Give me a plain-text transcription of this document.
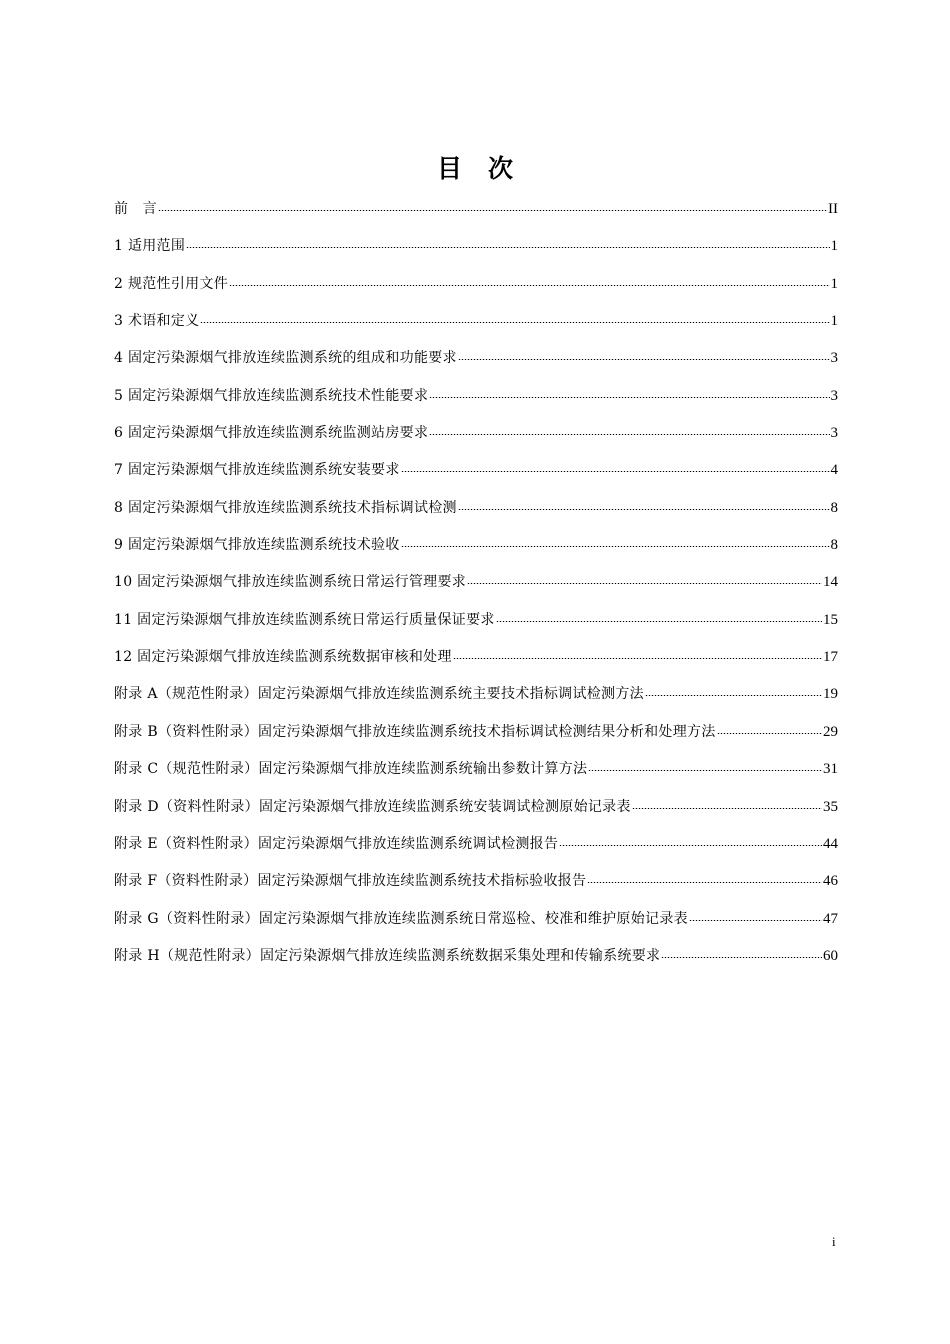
目次
前　言	II
1 适用范围	1
2 规范性引用文件	1
3 术语和定义	1
4 固定污染源烟气排放连续监测系统的组成和功能要求	3
5 固定污染源烟气排放连续监测系统技术性能要求	3
6 固定污染源烟气排放连续监测系统监测站房要求	3
7 固定污染源烟气排放连续监测系统安装要求	4
8 固定污染源烟气排放连续监测系统技术指标调试检测	8
9 固定污染源烟气排放连续监测系统技术验收	8
10 固定污染源烟气排放连续监测系统日常运行管理要求	14
11 固定污染源烟气排放连续监测系统日常运行质量保证要求	15
12 固定污染源烟气排放连续监测系统数据审核和处理	17
附录 A（规范性附录）固定污染源烟气排放连续监测系统主要技术指标调试检测方法	19
附录 B（资料性附录）固定污染源烟气排放连续监测系统技术指标调试检测结果分析和处理方法	29
附录 C（规范性附录）固定污染源烟气排放连续监测系统输出参数计算方法	31
附录 D（资料性附录）固定污染源烟气排放连续监测系统安装调试检测原始记录表	35
附录 E（资料性附录）固定污染源烟气排放连续监测系统调试检测报告	44
附录 F（资料性附录）固定污染源烟气排放连续监测系统技术指标验收报告	46
附录 G（资料性附录）固定污染源烟气排放连续监测系统日常巡检、校准和维护原始记录表	47
附录 H（规范性附录）固定污染源烟气排放连续监测系统数据采集处理和传输系统要求	60
i
